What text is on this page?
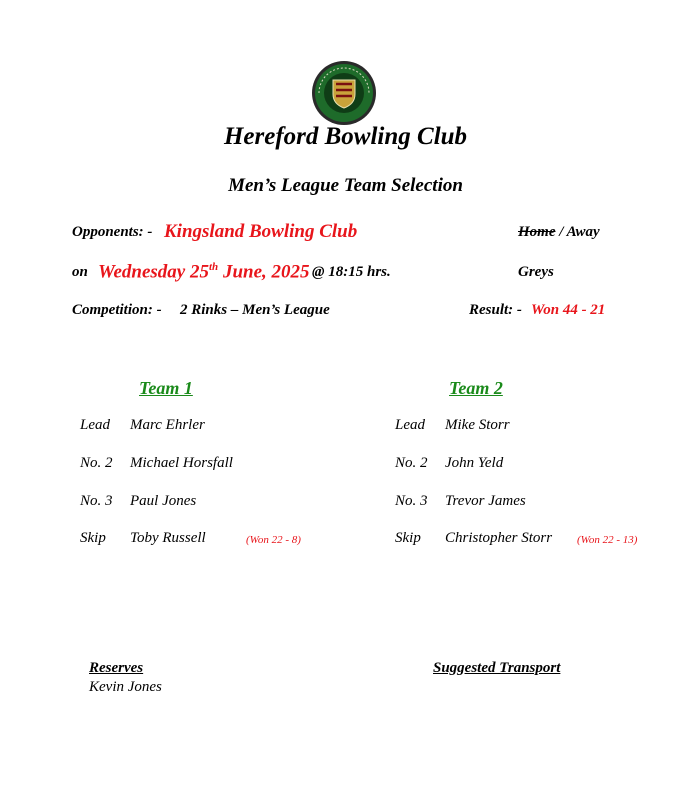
Hereford Bowling Club
Men’s League Team Selection
Opponents: - Kingsland Bowling Club	Home / Away
on Wednesday 25th June, 2025 @ 18:15 hrs.	Greys
Competition: - 2 Rinks – Men’s League	Result: - Won 44 - 21
Team 1
Lead Marc Ehrler
No. 2 Michael Horsfall
No. 3 Paul Jones
Skip Toby Russell	(Won 22 - 8)
Team 2
Lead Mike Storr
No. 2 John Yeld
No. 3 Trevor James
Skip Christopher Storr (Won 22 - 13)
Reserves
Kevin Jones
Suggested Transport
